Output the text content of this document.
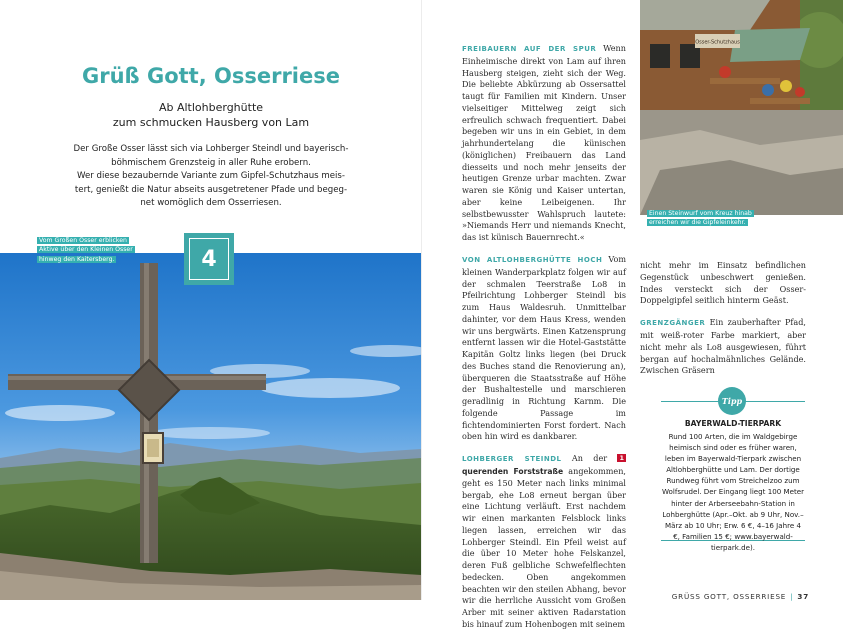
Grüß Gott, Osserriese
Ab Altlohberghütte
zum schmucken Hausberg von Lam
Der Große Osser lässt sich via Lohberger Steindl und bayerisch-
böhmischem Grenzsteig in aller Ruhe erobern.
Wer diese bezaubernde Variante zum Gipfel-Schutzhaus meis-
tert, genießt die Natur abseits ausgetretener Pfade und begeg-
net womöglich dem Osserriesen.
Vom Großen Osser erblicken
Aktive über den Kleinen Osser
hinweg den Kaitersberg.	4

FREIBAUERN AUF DER SPUR Wenn Einheimische direkt von Lam auf ihren Hausberg steigen, zieht sich der Weg. Die beliebte Abkürzung ab Ossersattel taugt für Familien mit Kindern. Unser vielseitiger Mittelweg zeigt sich erfreulich schwach frequentiert. Dabei begeben wir uns in ein Gebiet, in dem jahrhundertelang die künischen (königlichen) Freibauern das Land diesseits und noch mehr jenseits der heutigen Grenze urbar machten. Zwar waren sie König und Kaiser untertan, aber keine Leibeigenen. Ihr selbstbewusster Wahlspruch lautete: »Niemands Herr und niemands Knecht, das ist künisch Bauernrecht.«

VON ALTLOHBERGHÜTTE HOCH Vom kleinen Wanderparkplatz folgen wir auf der schmalen Teerstraße Lo8 in Pfeilrichtung Lohberger Steindl bis zum Haus Waldesruh. Unmittelbar dahinter, vor dem Haus Kress, wenden wir uns bergwärts. Einen Katzensprung entfernt lassen wir die Hotel-Gaststätte Kapitän Goltz links liegen (bei Druck des Buches stand die Renovierung an), überqueren die Staatsstraße auf Höhe der Bushaltestelle und marschieren geradlinig in Richtung Karnm. Die folgende Passage im fichtendominierten Forst fordert. Nach oben hin wird es dankbarer.

LOHBERGER STEINDL An der 1 querenden Forststraße angekommen, geht es 150 Meter nach links minimal bergab, ehe Lo8 erneut bergan über eine Lichtung verläuft. Erst nachdem wir einen markanten Felsblock links liegen lassen, erreichen wir das Lohberger Steindl. Ein Pfeil weist auf die über 10 Meter hohe Felskanzel, deren Fuß gelbliche Schwefelflechten bedecken. Oben angekommen beachten wir den steilen Abhang, bevor wir die herrliche Aussicht vom Großen Arber mit seiner aktiven Radarstation bis hinauf zum Hohenbogen mit seinem

Osser-Schutzhaus
Einen Steinwurf vom Kreuz hinab
erreichen wir die Gipfeleinkehr.

nicht mehr im Einsatz befindlichen Gegenstück unbeschwert genießen. Indes versteckt sich der Osser-Doppelgipfel seitlich hinterm Geäst.

GRENZGÄNGER Ein zauberhafter Pfad, mit weiß-roter Farbe markiert, aber nicht mehr als Lo8 ausgewiesen, führt bergan auf hochalmähnliches Gelände. Zwischen Gräsern

Tipp
BAYERWALD-TIERPARK

Rund 100 Arten, die im Waldgebirge heimisch sind oder es früher waren, leben im Bayerwald-Tierpark zwischen Altlohberghütte und Lam. Der dortige Rundweg führt vom Streichelzoo zum Wolfsrudel. Der Eingang liegt 100 Meter hinter der Arberseebahn-Station in Lohberghütte (Apr.–Okt. ab 9 Uhr, Nov.–März ab 10 Uhr; Erw. 6 €, 4–16 Jahre 4 €, Familien 15 €; www.bayerwald-tierpark.de).

GRÜSS GOTT, OSSERRIESE | 37
